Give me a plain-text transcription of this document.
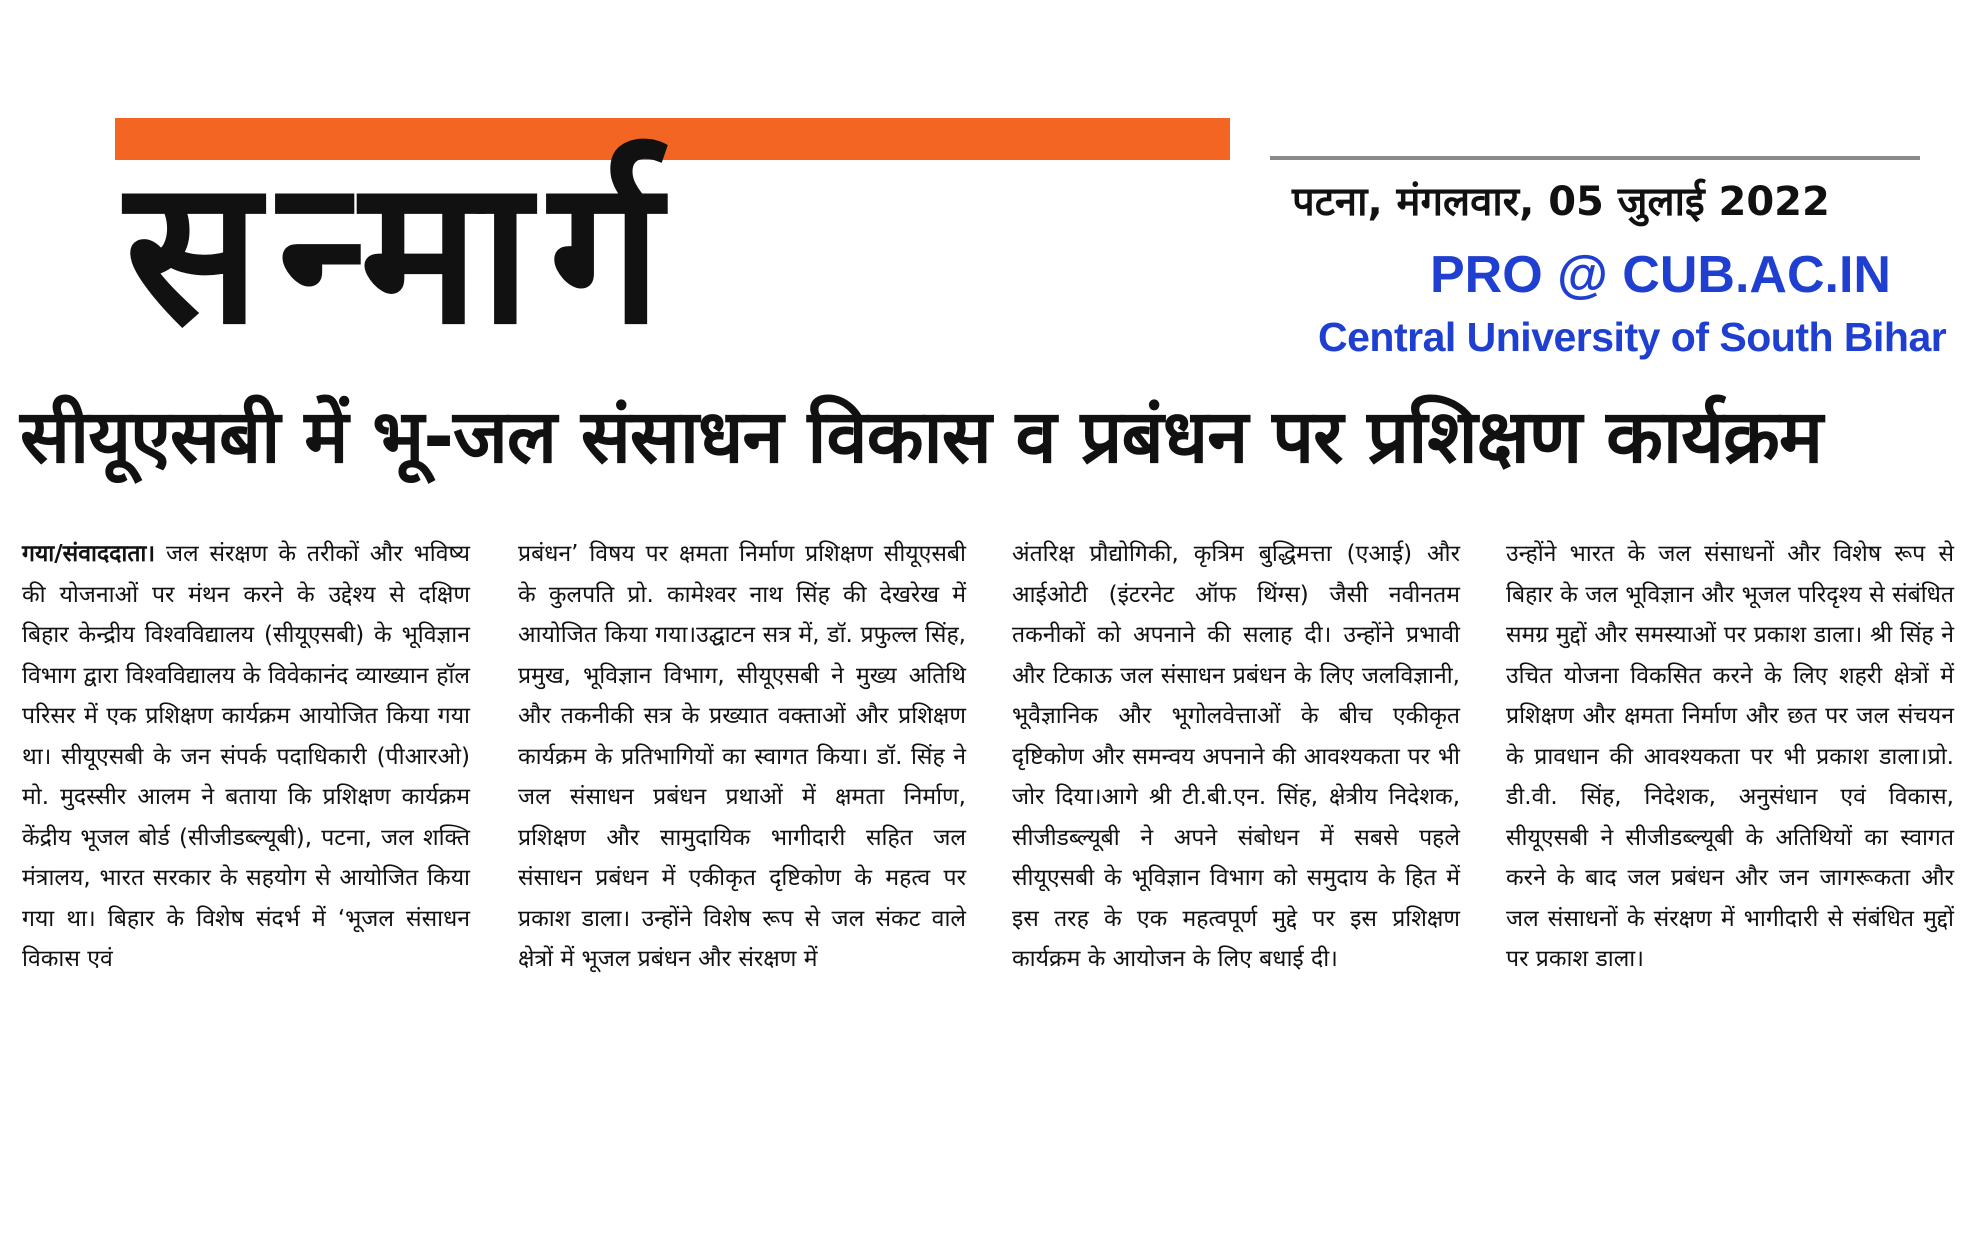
सन्मार्ग	पटना, मंगलवार, 05 जुलाई 2022
PRO @ CUB.AC.IN
Central University of South Bihar
सीयूएसबी में भू-जल संसाधन विकास व प्रबंधन पर प्रशिक्षण कार्यक्रम
गया/संवाददाता। जल संरक्षण के तरीकों और भविष्य की योजनाओं पर मंथन करने के उद्देश्य से दक्षिण बिहार केन्द्रीय विश्वविद्यालय (सीयूएसबी) के भूविज्ञान विभाग द्वारा विश्वविद्यालय के विवेकानंद व्याख्यान हॉल परिसर में एक प्रशिक्षण कार्यक्रम आयोजित किया गया था। सीयूएसबी के जन संपर्क पदाधिकारी (पीआरओ) मो. मुदस्सीर आलम ने बताया कि प्रशिक्षण कार्यक्रम केंद्रीय भूजल बोर्ड (सीजीडब्ल्यूबी), पटना, जल शक्ति मंत्रालय, भारत सरकार के सहयोग से आयोजित किया गया था। बिहार के विशेष संदर्भ में ‘भूजल संसाधन विकास एवं
प्रबंधन’ विषय पर क्षमता निर्माण प्रशिक्षण सीयूएसबी के कुलपति प्रो. कामेश्वर नाथ सिंह की देखरेख में आयोजित किया गया।उद्घाटन सत्र में, डॉ. प्रफुल्ल सिंह, प्रमुख, भूविज्ञान विभाग, सीयूएसबी ने मुख्य अतिथि और तकनीकी सत्र के प्रख्यात वक्ताओं और प्रशिक्षण कार्यक्रम के प्रतिभागियों का स्वागत किया। डॉ. सिंह ने जल संसाधन प्रबंधन प्रथाओं में क्षमता निर्माण, प्रशिक्षण और सामुदायिक भागीदारी सहित जल संसाधन प्रबंधन में एकीकृत दृष्टिकोण के महत्व पर प्रकाश डाला। उन्होंने विशेष रूप से जल संकट वाले क्षेत्रों में भूजल प्रबंधन और संरक्षण में
अंतरिक्ष प्रौद्योगिकी, कृत्रिम बुद्धिमत्ता (एआई) और आईओटी (इंटरनेट ऑफ थिंग्स) जैसी नवीनतम तकनीकों को अपनाने की सलाह दी। उन्होंने प्रभावी और टिकाऊ जल संसाधन प्रबंधन के लिए जलविज्ञानी, भूवैज्ञानिक और भूगोलवेत्ताओं के बीच एकीकृत दृष्टिकोण और समन्वय अपनाने की आवश्यकता पर भी जोर दिया।आगे श्री टी.बी.एन. सिंह, क्षेत्रीय निदेशक, सीजीडब्ल्यूबी ने अपने संबोधन में सबसे पहले सीयूएसबी के भूविज्ञान विभाग को समुदाय के हित में इस तरह के एक महत्वपूर्ण मुद्दे पर इस प्रशिक्षण कार्यक्रम के आयोजन के लिए बधाई दी।
उन्होंने भारत के जल संसाधनों और विशेष रूप से बिहार के जल भूविज्ञान और भूजल परिदृश्य से संबंधित समग्र मुद्दों और समस्याओं पर प्रकाश डाला। श्री सिंह ने उचित योजना विकसित करने के लिए शहरी क्षेत्रों में प्रशिक्षण और क्षमता निर्माण और छत पर जल संचयन के प्रावधान की आवश्यकता पर भी प्रकाश डाला।प्रो. डी.वी. सिंह, निदेशक, अनुसंधान एवं विकास, सीयूएसबी ने सीजीडब्ल्यूबी के अतिथियों का स्वागत करने के बाद जल प्रबंधन और जन जागरूकता और जल संसाधनों के संरक्षण में भागीदारी से संबंधित मुद्दों पर प्रकाश डाला।
